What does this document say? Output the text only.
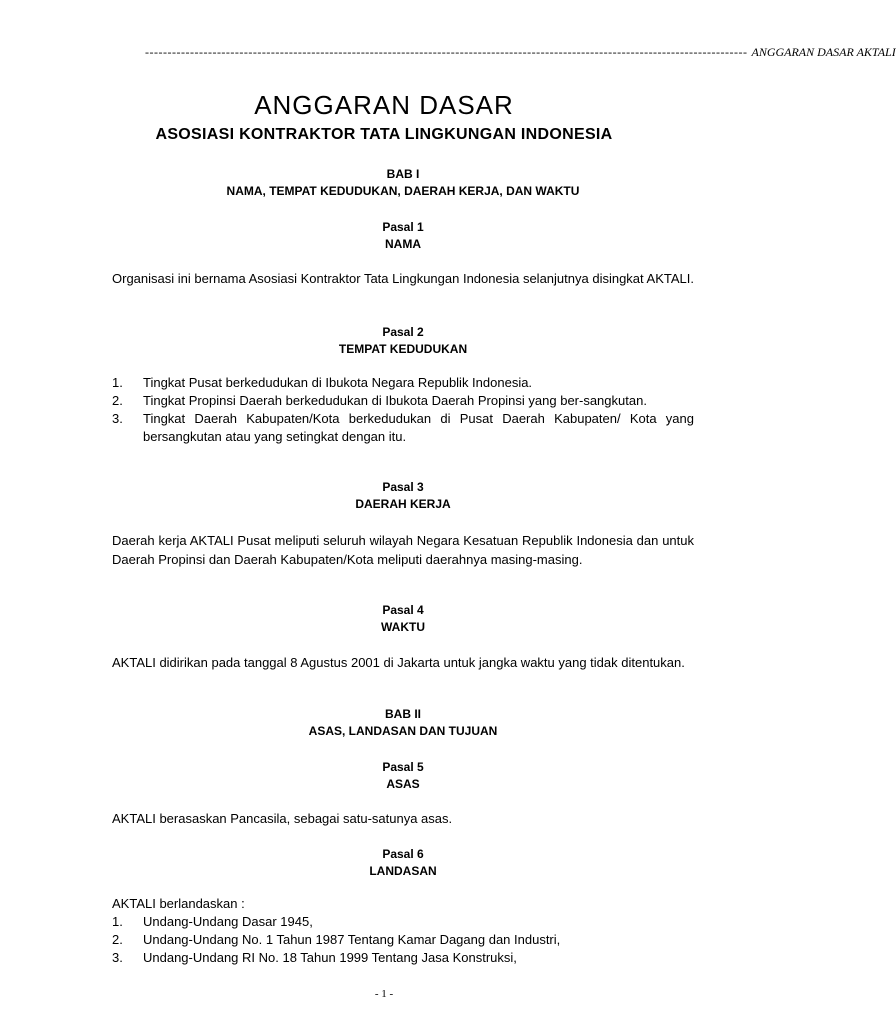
-------------------------------------------------------------------------------------------------------------------------------------- ANGGARAN DASAR AKTALI
ANGGARAN DASAR
ASOSIASI KONTRAKTOR TATA LINGKUNGAN INDONESIA
BAB I
NAMA, TEMPAT KEDUDUKAN, DAERAH KERJA, DAN WAKTU
Pasal 1
NAMA
Organisasi ini bernama Asosiasi Kontraktor Tata Lingkungan Indonesia selanjutnya disingkat AKTALI.
Pasal 2
TEMPAT KEDUDUKAN
1. Tingkat Pusat berkedudukan di Ibukota Negara Republik Indonesia.
2. Tingkat Propinsi Daerah berkedudukan di Ibukota Daerah Propinsi yang ber-sangkutan.
3. Tingkat Daerah Kabupaten/Kota berkedudukan di Pusat Daerah Kabupaten/ Kota yang bersangkutan atau yang setingkat dengan itu.
Pasal 3
DAERAH KERJA
Daerah kerja AKTALI Pusat meliputi seluruh wilayah Negara Kesatuan Republik Indonesia dan untuk Daerah Propinsi dan Daerah Kabupaten/Kota meliputi daerahnya masing-masing.
Pasal 4
WAKTU
AKTALI didirikan pada tanggal 8 Agustus 2001 di Jakarta untuk jangka waktu yang tidak ditentukan.
BAB II
ASAS, LANDASAN DAN TUJUAN
Pasal 5
ASAS
AKTALI berasaskan Pancasila, sebagai satu-satunya asas.
Pasal 6
LANDASAN
AKTALI berlandaskan :
1. Undang-Undang Dasar 1945,
2. Undang-Undang No. 1 Tahun 1987 Tentang Kamar Dagang dan Industri,
3. Undang-Undang RI No. 18 Tahun 1999 Tentang Jasa Konstruksi,
- 1 -
